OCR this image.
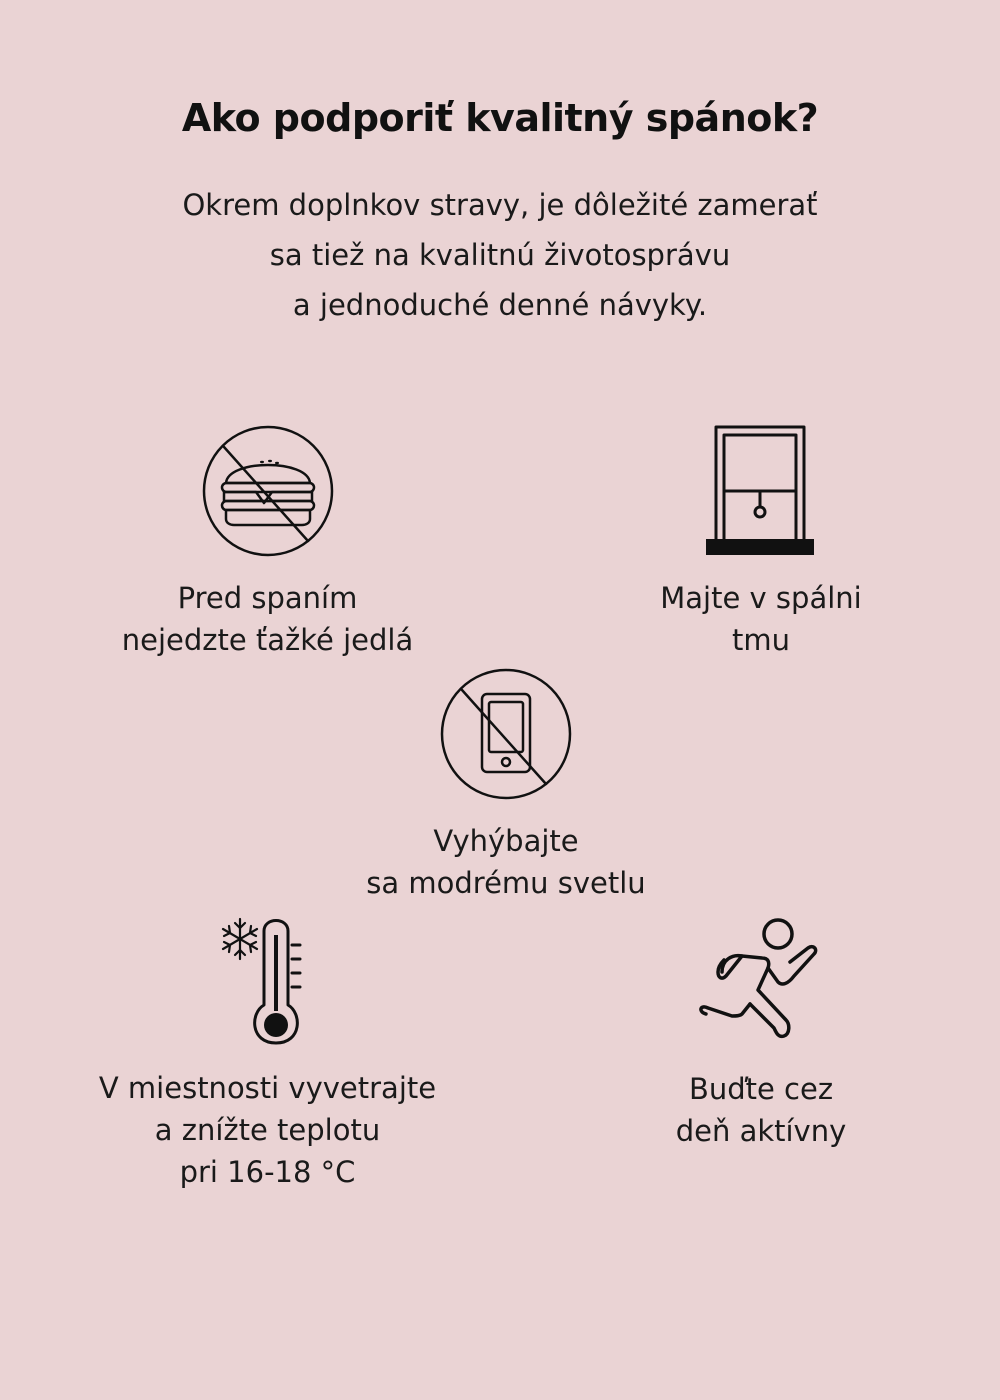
Ako podporiť kvalitný spánok?
Okrem doplnkov stravy, je dôležité zamerať
sa tiež na kvalitnú životosprávu
a jednoduché denné návyky.
Pred spaním
nejedzte ťažké jedlá
Majte v spálni
tmu
Vyhýbajte
sa modrému svetlu
V miestnosti vyvetrajte
a znížte teplotu
pri 16-18 °C
Buďte cez
deň aktívny
